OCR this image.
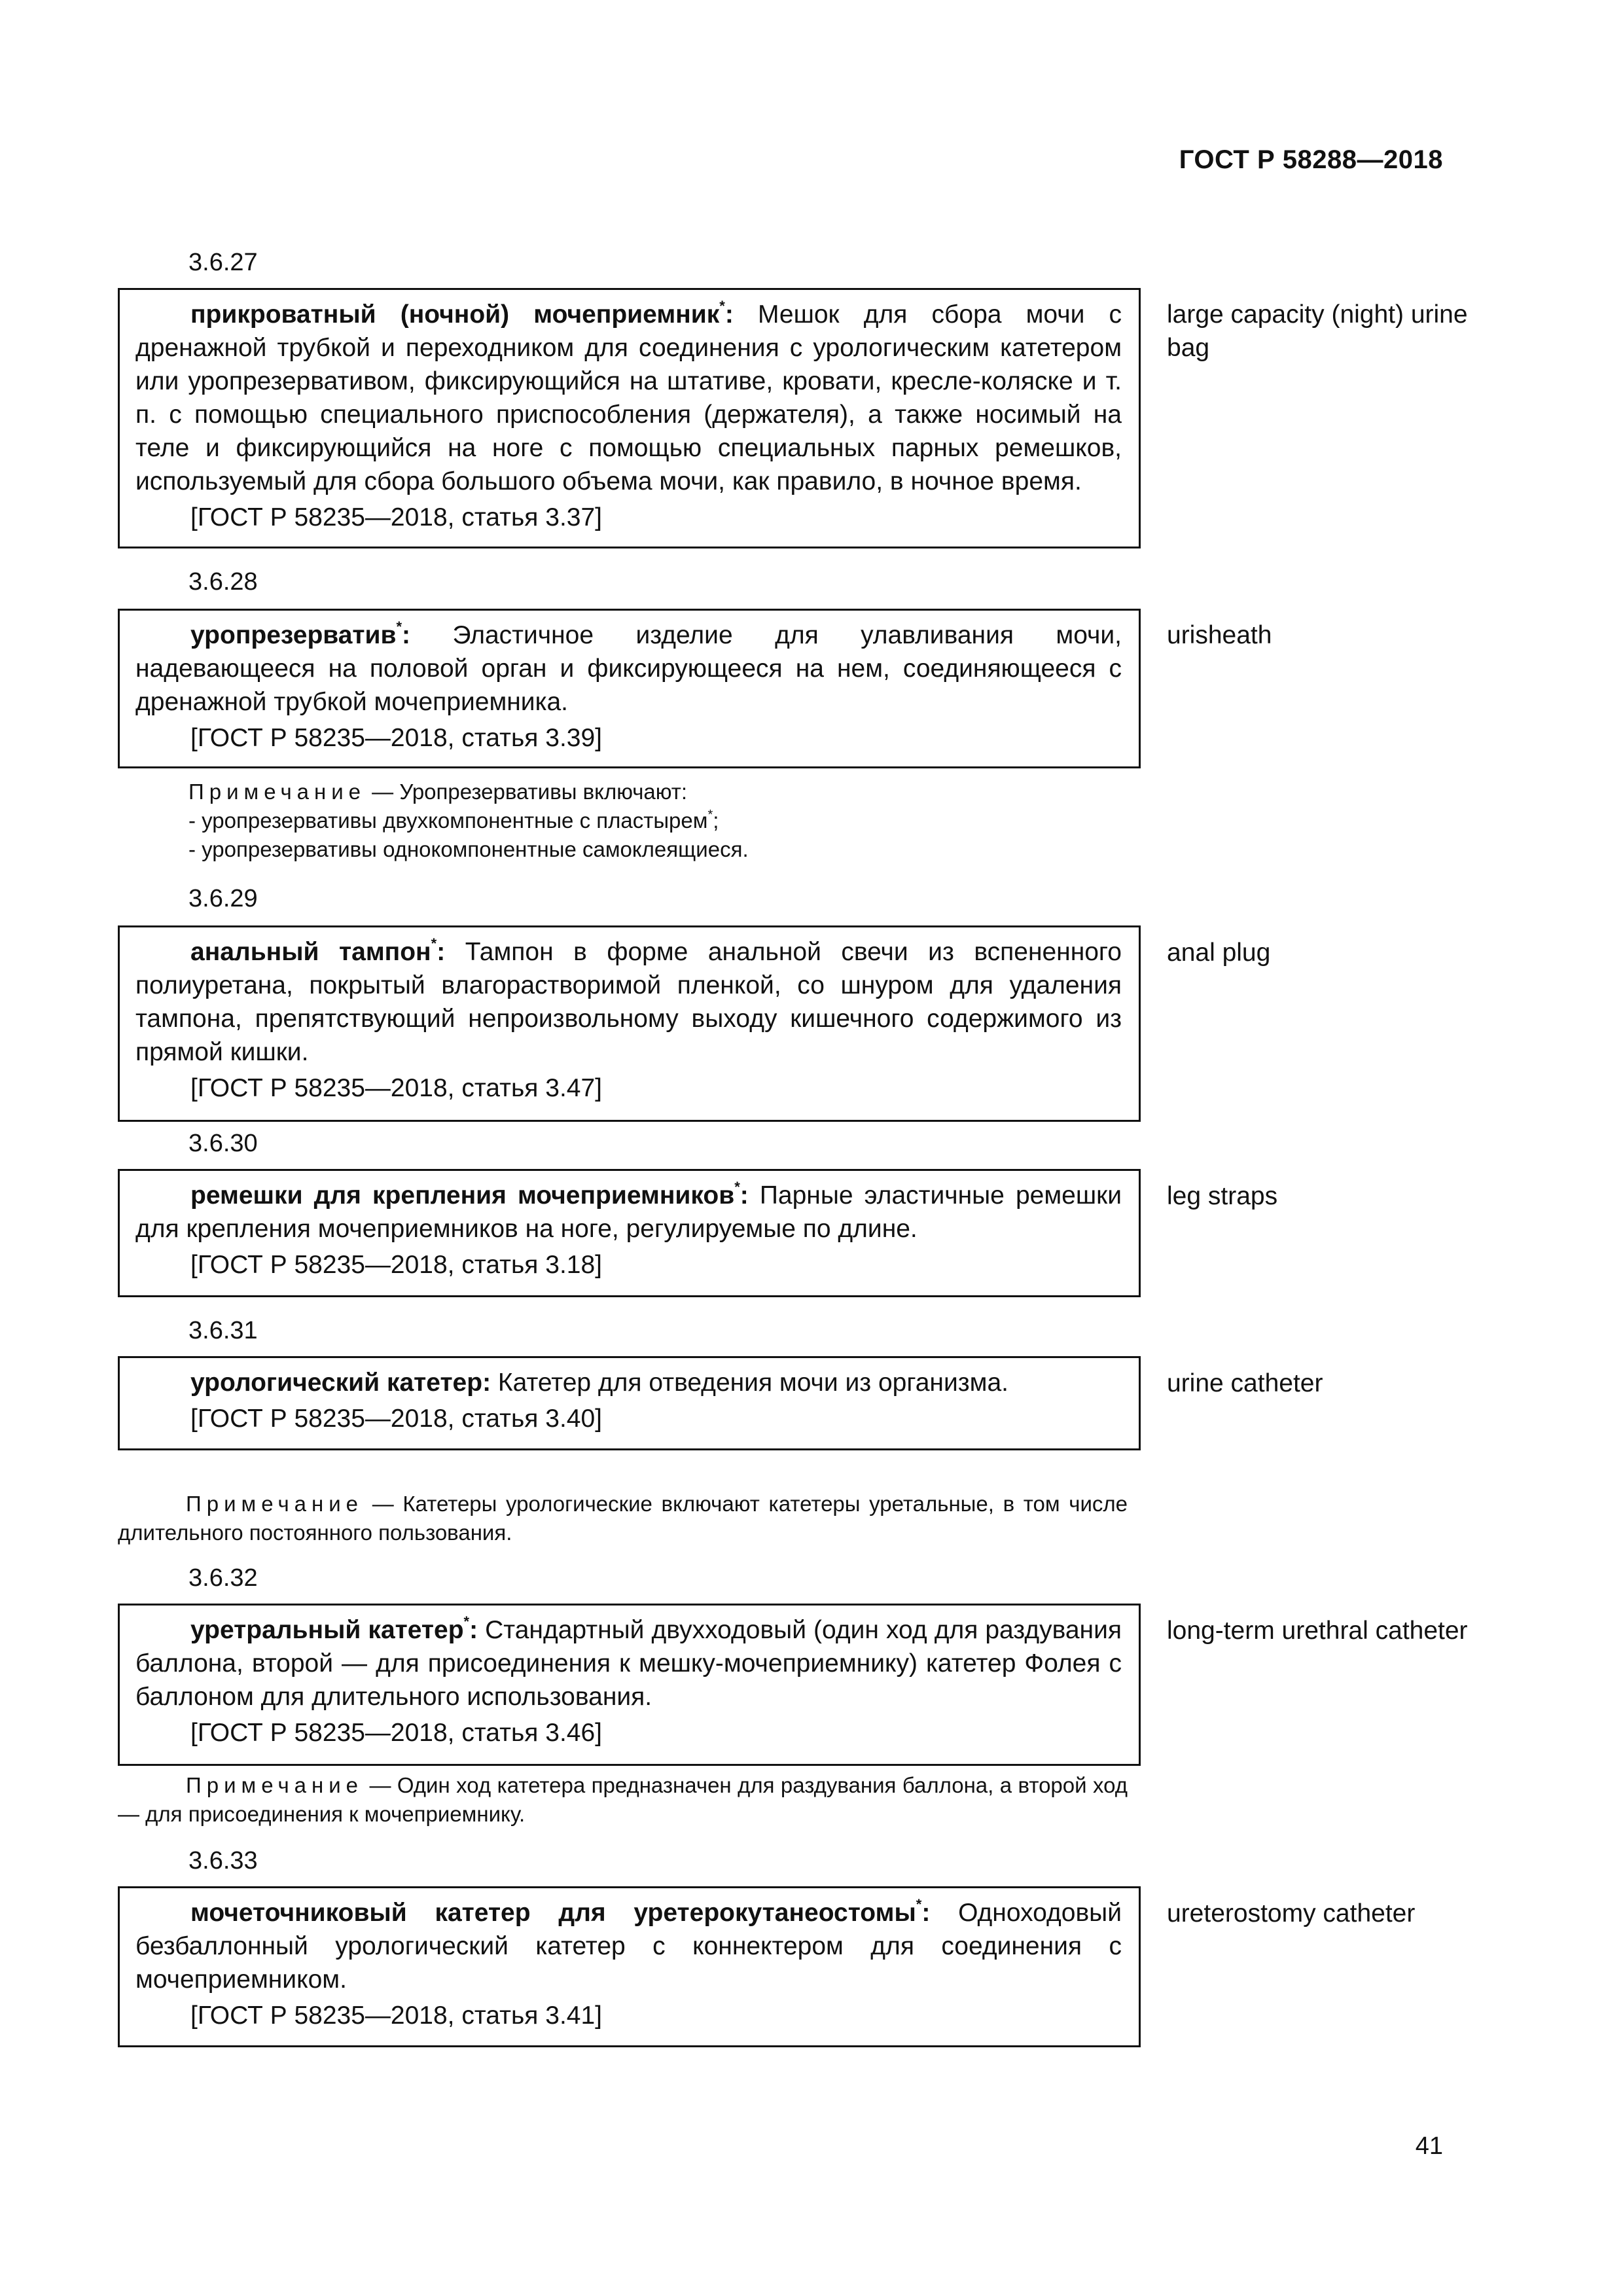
ГОСТ Р 58288—2018
3.6.27

прикроватный (ночной) мочеприемник*: Мешок для сбора мочи с дренажной трубкой и переходником для соединения с урологическим катетером или уропрезервативом, фиксирующийся на штативе, кровати, кресле-коляске и т. п. с помощью специального приспособления (держателя), а также носимый на теле и фиксирующийся на ноге с помощью специальных парных ремешков, используемый для сбора большого объема мочи, как правило, в ночное время.

[ГОСТ Р 58235—2018, статья 3.37]

large capacity (night) urine bag
3.6.28

уропрезерватив*: Эластичное изделие для улавливания мочи, надевающееся на половой орган и фиксирующееся на нем, соединяющееся с дренажной трубкой мочеприемника.

[ГОСТ Р 58235—2018, статья 3.39]

urisheath
Примечание — Уропрезервативы включают:
- уропрезервативы двухкомпонентные с пластырем*;
- уропрезервативы однокомпонентные самоклеящиеся.
3.6.29

анальный тампон*: Тампон в форме анальной свечи из вспененного полиуретана, покрытый влагорастворимой пленкой, со шнуром для удаления тампона, препятствующий непроизвольному выходу кишечного содержимого из прямой кишки.

[ГОСТ Р 58235—2018, статья 3.47]

anal plug
3.6.30

ремешки для крепления мочеприемников*: Парные эластичные ремешки для крепления мочеприемников на ноге, регулируемые по длине.

[ГОСТ Р 58235—2018, статья 3.18]

leg straps
3.6.31

урологический катетер: Катетер для отведения мочи из организма.

[ГОСТ Р 58235—2018, статья 3.40]

urine catheter

Примечание — Катетеры урологические включают катетеры уретальные, в том числе длительного постоянного пользования.

3.6.32

уретральный катетер*: Стандартный двухходовый (один ход для раздувания баллона, второй — для присоединения к мешку-мочеприемнику) катетер Фолея с баллоном для длительного использования.

[ГОСТ Р 58235—2018, статья 3.46]

long-term urethral catheter

Примечание — Один ход катетера предназначен для раздувания баллона, а второй ход — для присоединения к мочеприемнику.

3.6.33

мочеточниковый катетер для уретерокутанеостомы*: Одноходовый безбаллонный урологический катетер с коннектером для соединения с мочеприемником.

[ГОСТ Р 58235—2018, статья 3.41]

ureterostomy catheter
41
